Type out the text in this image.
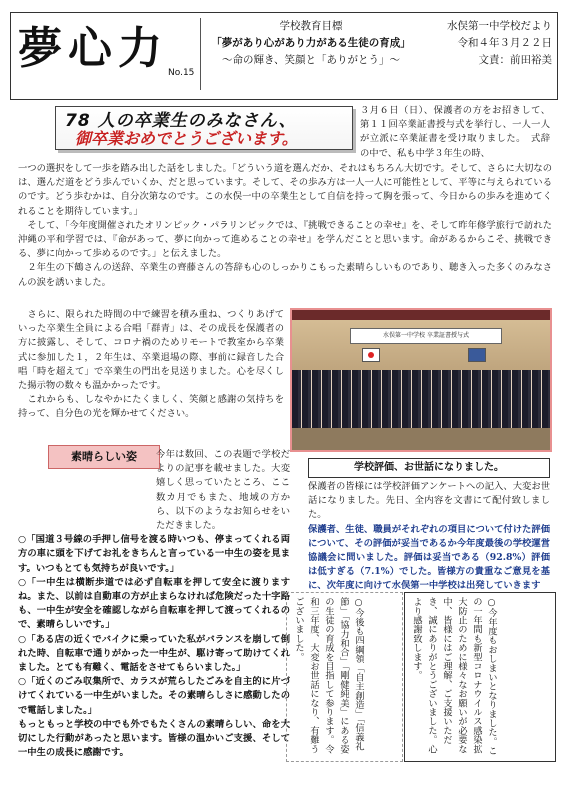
夢心力 No.15
学校教育目標
「夢があり心があり力がある生徒の育成」
～命の輝き、笑顔と「ありがとう」～
水俣第一中学校だより
令和４年３月２２日
文責：前田裕美
78 人の卒業生のみなさん、
御卒業おめでとうございます。

３月６日（日）、保護者の方をお招きして、第１１回卒業証書授与式を挙行し、一人一人が立派に卒業証書を受け取りました。　式辞の中で、私も中学３年生の時、

一つの選択をして一歩を踏み出した話をしました。「どういう道を選んだか、それはもちろん大切です。そして、さらに大切なのは、選んだ道をどう歩んでいくか、だと思っています。そして、その歩み方は一人一人に可能性として、平等に与えられているのです。どう歩むかは、自分次第なのです。この水俣一中の卒業生として自信を持って胸を張って、今日からの歩みを進めてくれることを期待しています。」

　そして、「今年度開催されたオリンピック・パラリンピックでは、『挑戦できることの幸せ』を、そして昨年修学旅行で訪れた沖縄の平和学習では、『命があって、夢に向かって進めることの幸せ』を学んだことと思います。命があるからこそ、挑戦できる、夢に向かって歩めるのです。」と伝えました。

　２年生の下鶴さんの送辞、卒業生の齊藤さんの答辞も心のしっかりこもった素晴らしいものであり、聴き入った多くのみなさんの涙を誘いました。

　さらに、限られた時間の中で練習を積み重ね、つくりあげていった卒業生全員による合唱「群青」は、その成長を保護者の方に披露し、そして、コロナ禍のためリモートで教室から卒業式に参加した１，２年生は、卒業退場の際、事前に録音した合唱「時を超えて」で卒業生の門出を見送りました。心を尽くし た揚示物の数々も温かかったです。

　これからも、しなやかにたくましく、笑顔と感謝の気持ちを持って、自分色の光を輝かせてください。

水俣第一中学校 卒業証書授与式
素晴らしい姿	今年は数回、この表題で学校だよりの記事を載せました。大変嬉しく思っていたところ、ここ数カ月でもまた、地域の方から、以下のようなお知らせをいただきました。

○「国道３号線の手押し信号を渡る時いつも、停まってくれる両方の車に頭を下げてお礼をきちんと言っている一中生の姿を見ます。いつもとても気持ちが良いです。」

○「一中生は横断歩道では必ず自転車を押して安全に渡りますね。また、以前は自動車の方が止まらなければ危険だった十字路も、一中生が安全を確認しながら自転車を押して渡ってくれるので、素晴らしいです。」

○「ある店の近くでバイクに乗っていた私がバランスを崩して倒れた時、自転車で通りがかった一中生が、駆け寄って助けてくれました。とても有難く、電話をさせてもらいました。」

○「近くのごみ収集所で、カラスが荒らしたごみを自主的に片づけてくれている一中生がいました。その素晴らしさに感動したので電話しました。」

もっともっと学校の中でも外でもたくさんの素晴らしい、命を大切にした行動があったと思います。皆様の温かいご支援、そして一中生の成長に感謝です。

学校評価、お世話になりました。

保護者の皆様には学校評価アンケートへの記入、大変お世話になりました。先日、全内容を文書にて配付致しました。

保護者、生徒、職員がそれぞれの項目について付けた評価について、その評価が妥当であるか今年度最後の学校運営協議会に問いました。評価は妥当である（92.8%）評価は低すぎる（7.1%）でした。皆様方の貴重なご意見を基に、次年度に向けて水俣第一中学校は出発していきます

○今後も四綱領「自主創造」「信義礼節」「協力和合」「剛健純美」にある姿の生徒の育成を目指して参ります。令和三年度、大変お世話になり、有難うございました。	○今年度もおしまいとなりました。この一年間も新型コロナウイルス感染拡大防止のために様々なお願いが必要な中、皆様にはご理解、ご支援いただき、誠にありがとうございました。心より感謝致します。
